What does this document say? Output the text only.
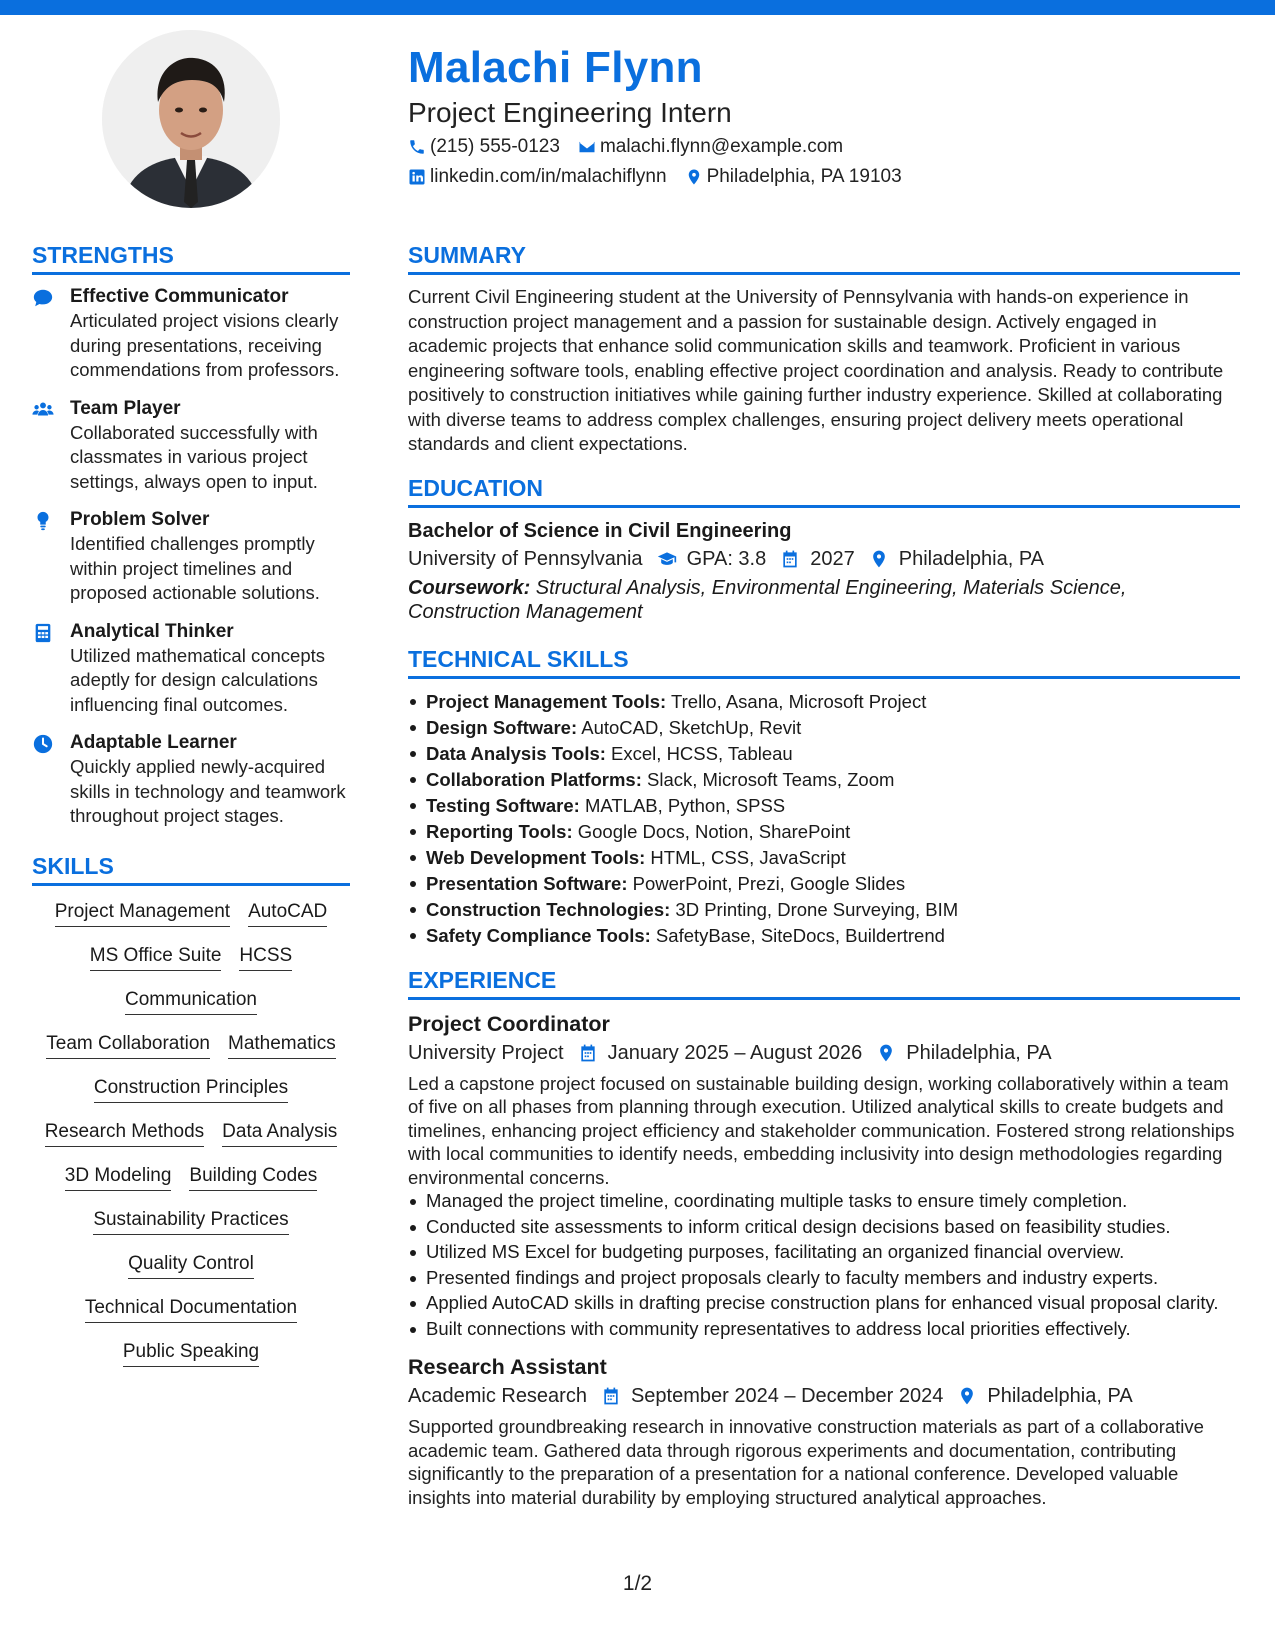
Malachi Flynn
Project Engineering Intern
(215) 555-0123 malachi.flynn@example.com
linkedin.com/in/malachiflynn Philadelphia, PA 19103
STRENGTHS
Effective Communicator
Articulated project visions clearly during presentations, receiving commendations from professors.
Team Player
Collaborated successfully with classmates in various project settings, always open to input.
Problem Solver
Identified challenges promptly within project timelines and proposed actionable solutions.
Analytical Thinker
Utilized mathematical concepts adeptly for design calculations influencing final outcomes.
Adaptable Learner
Quickly applied newly-acquired skills in technology and teamwork throughout project stages.
SKILLS
Project Management AutoCAD
MS Office Suite HCSS
Communication
Team Collaboration Mathematics
Construction Principles
Research Methods Data Analysis
3D Modeling Building Codes
Sustainability Practices
Quality Control
Technical Documentation
Public Speaking
SUMMARY
Current Civil Engineering student at the University of Pennsylvania with hands-on experience in construction project management and a passion for sustainable design. Actively engaged in academic projects that enhance solid communication skills and teamwork. Proficient in various engineering software tools, enabling effective project coordination and analysis. Ready to contribute positively to construction initiatives while gaining further industry experience. Skilled at collaborating with diverse teams to address complex challenges, ensuring project delivery meets operational standards and client expectations.
EDUCATION
Bachelor of Science in Civil Engineering
University of Pennsylvania GPA: 3.8 2027 Philadelphia, PA
Coursework: Structural Analysis, Environmental Engineering, Materials Science, Construction Management
TECHNICAL SKILLS
Project Management Tools: Trello, Asana, Microsoft Project
Design Software: AutoCAD, SketchUp, Revit
Data Analysis Tools: Excel, HCSS, Tableau
Collaboration Platforms: Slack, Microsoft Teams, Zoom
Testing Software: MATLAB, Python, SPSS
Reporting Tools: Google Docs, Notion, SharePoint
Web Development Tools: HTML, CSS, JavaScript
Presentation Software: PowerPoint, Prezi, Google Slides
Construction Technologies: 3D Printing, Drone Surveying, BIM
Safety Compliance Tools: SafetyBase, SiteDocs, Buildertrend
EXPERIENCE
Project Coordinator
University Project January 2025 – August 2026 Philadelphia, PA
Led a capstone project focused on sustainable building design, working collaboratively within a team of five on all phases from planning through execution. Utilized analytical skills to create budgets and timelines, enhancing project efficiency and stakeholder communication. Fostered strong relationships with local communities to identify needs, embedding inclusivity into design methodologies regarding environmental concerns.
Managed the project timeline, coordinating multiple tasks to ensure timely completion.
Conducted site assessments to inform critical design decisions based on feasibility studies.
Utilized MS Excel for budgeting purposes, facilitating an organized financial overview.
Presented findings and project proposals clearly to faculty members and industry experts.
Applied AutoCAD skills in drafting precise construction plans for enhanced visual proposal clarity.
Built connections with community representatives to address local priorities effectively.
Research Assistant
Academic Research September 2024 – December 2024 Philadelphia, PA
Supported groundbreaking research in innovative construction materials as part of a collaborative academic team. Gathered data through rigorous experiments and documentation, contributing significantly to the preparation of a presentation for a national conference. Developed valuable insights into material durability by employing structured analytical approaches.
1/2
